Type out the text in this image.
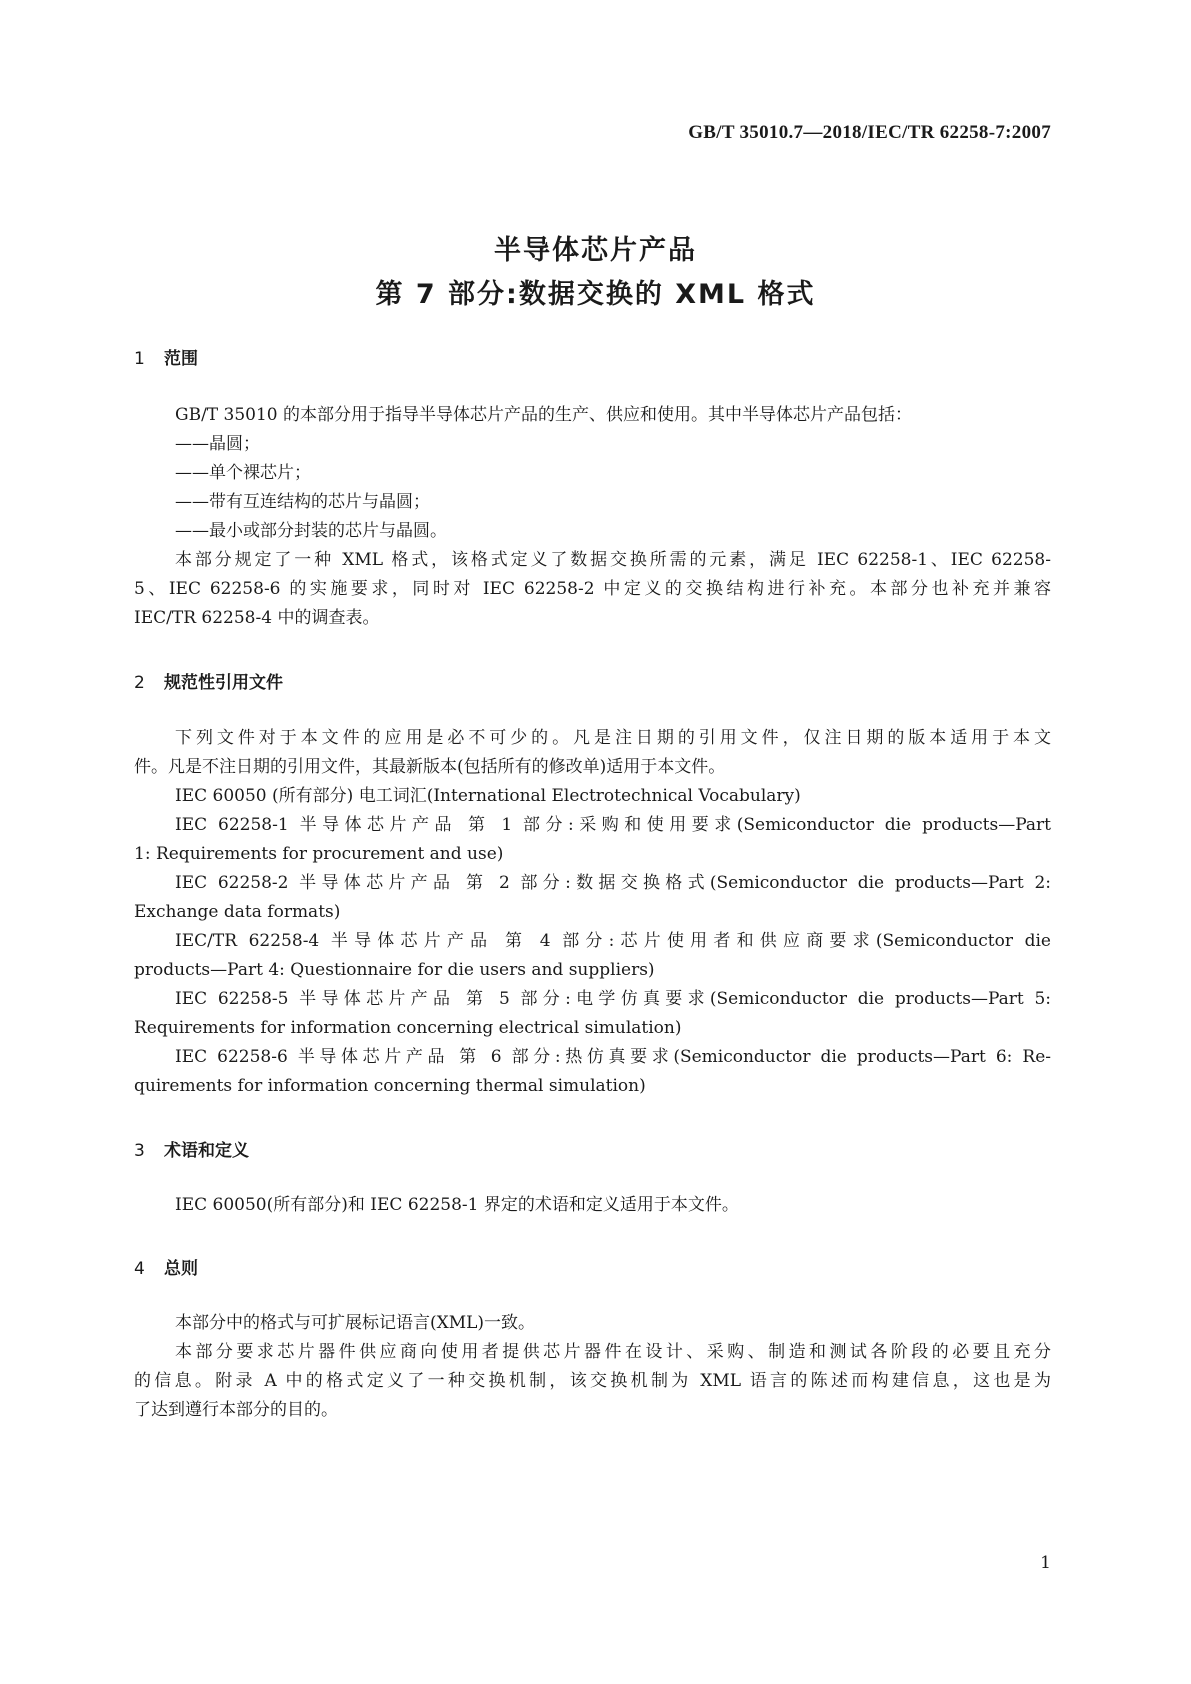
GB/T 35010.7—2018/IEC/TR 62258-7:2007
半导体芯片产品
第 7 部分:数据交换的 XML 格式
1 范围
GB/T 35010 的本部分用于指导半导体芯片产品的生产、供应和使用。其中半导体芯片产品包括：
——晶圆；
——单个裸芯片；
——带有互连结构的芯片与晶圆；
——最小或部分封装的芯片与晶圆。
本部分规定了一种 XML 格式，该格式定义了数据交换所需的元素，满足 IEC 62258-1、IEC 62258-
5、IEC 62258-6 的实施要求，同时对 IEC 62258-2 中定义的交换结构进行补充。本部分也补充并兼容
IEC/TR 62258-4 中的调查表。
2 规范性引用文件
下列文件对于本文件的应用是必不可少的。凡是注日期的引用文件，仅注日期的版本适用于本文
件。凡是不注日期的引用文件，其最新版本(包括所有的修改单)适用于本文件。
IEC 60050 (所有部分) 电工词汇(International Electrotechnical Vocabulary)
IEC 62258-1 半导体芯片产品 第 1 部分:采购和使用要求(Semiconductor die products—Part
1: Requirements for procurement and use)
IEC 62258-2 半导体芯片产品 第 2 部分:数据交换格式(Semiconductor die products—Part 2:
Exchange data formats)
IEC/TR 62258-4 半导体芯片产品 第 4 部分:芯片使用者和供应商要求(Semiconductor die
products—Part 4: Questionnaire for die users and suppliers)
IEC 62258-5 半导体芯片产品 第 5 部分:电学仿真要求(Semiconductor die products—Part 5:
Requirements for information concerning electrical simulation)
IEC 62258-6 半导体芯片产品 第 6 部分:热仿真要求(Semiconductor die products—Part 6: Re-
quirements for information concerning thermal simulation)
3 术语和定义
IEC 60050(所有部分)和 IEC 62258-1 界定的术语和定义适用于本文件。
4 总则
本部分中的格式与可扩展标记语言(XML)一致。
本部分要求芯片器件供应商向使用者提供芯片器件在设计、采购、制造和测试各阶段的必要且充分
的信息。附录 A 中的格式定义了一种交换机制，该交换机制为 XML 语言的陈述而构建信息，这也是为
了达到遵行本部分的目的。
1
